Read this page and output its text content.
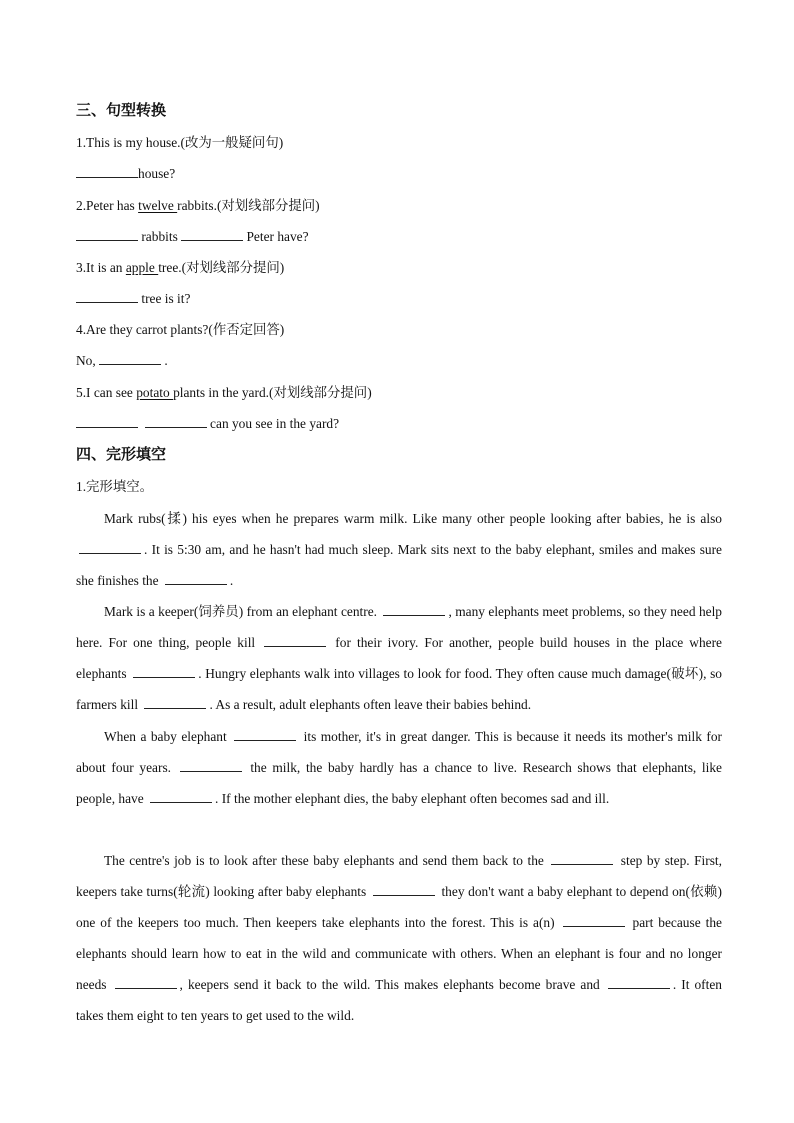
三、句型转换
1.This is my house.(改为一般疑问句)
house?
2.Peter has twelve rabbits.(对划线部分提问)
rabbits	Peter have?
3.It is an apple tree.(对划线部分提问)
tree is it?
4.Are they carrot plants?(作否定回答)
No,	.
5.I can see potato plants in the yard.(对划线部分提问)
can you see in the yard?
四、完形填空
1.完形填空。
Mark rubs(揉) his eyes when he prepares warm milk. Like many other people looking after babies, he is also . It is 5:30 am, and he hasn't had much sleep. Mark sits next to the baby elephant, smiles and makes sure she finishes the	.
Mark is a keeper(饲养员) from an elephant centre.	, many elephants meet problems, so they need help here. For one thing, people kill	for their ivory. For another, people build houses in the place where elephants	. Hungry elephants walk into villages to look for food. They often cause much damage(破坏), so farmers kill	. As a result, adult elephants often leave their babies behind.
When a baby elephant	its mother, it's in great danger. This is because it needs its mother's milk for about four years.	the milk, the baby hardly has a chance to live. Research shows that elephants, like people, have	. If the mother elephant dies, the baby elephant often becomes sad and ill.
The centre's job is to look after these baby elephants and send them back to the	step by step. First, keepers take turns(轮流) looking after baby elephants	they don't want a baby elephant to depend on(依赖) one of the keepers too much. Then keepers take elephants into the forest. This is a(n)	part because the elephants should learn how to eat in the wild and communicate with others. When an elephant is four and no longer needs	, keepers send it back to the wild. This makes elephants become brave and	. It often takes them eight to ten years to get used to the wild.
